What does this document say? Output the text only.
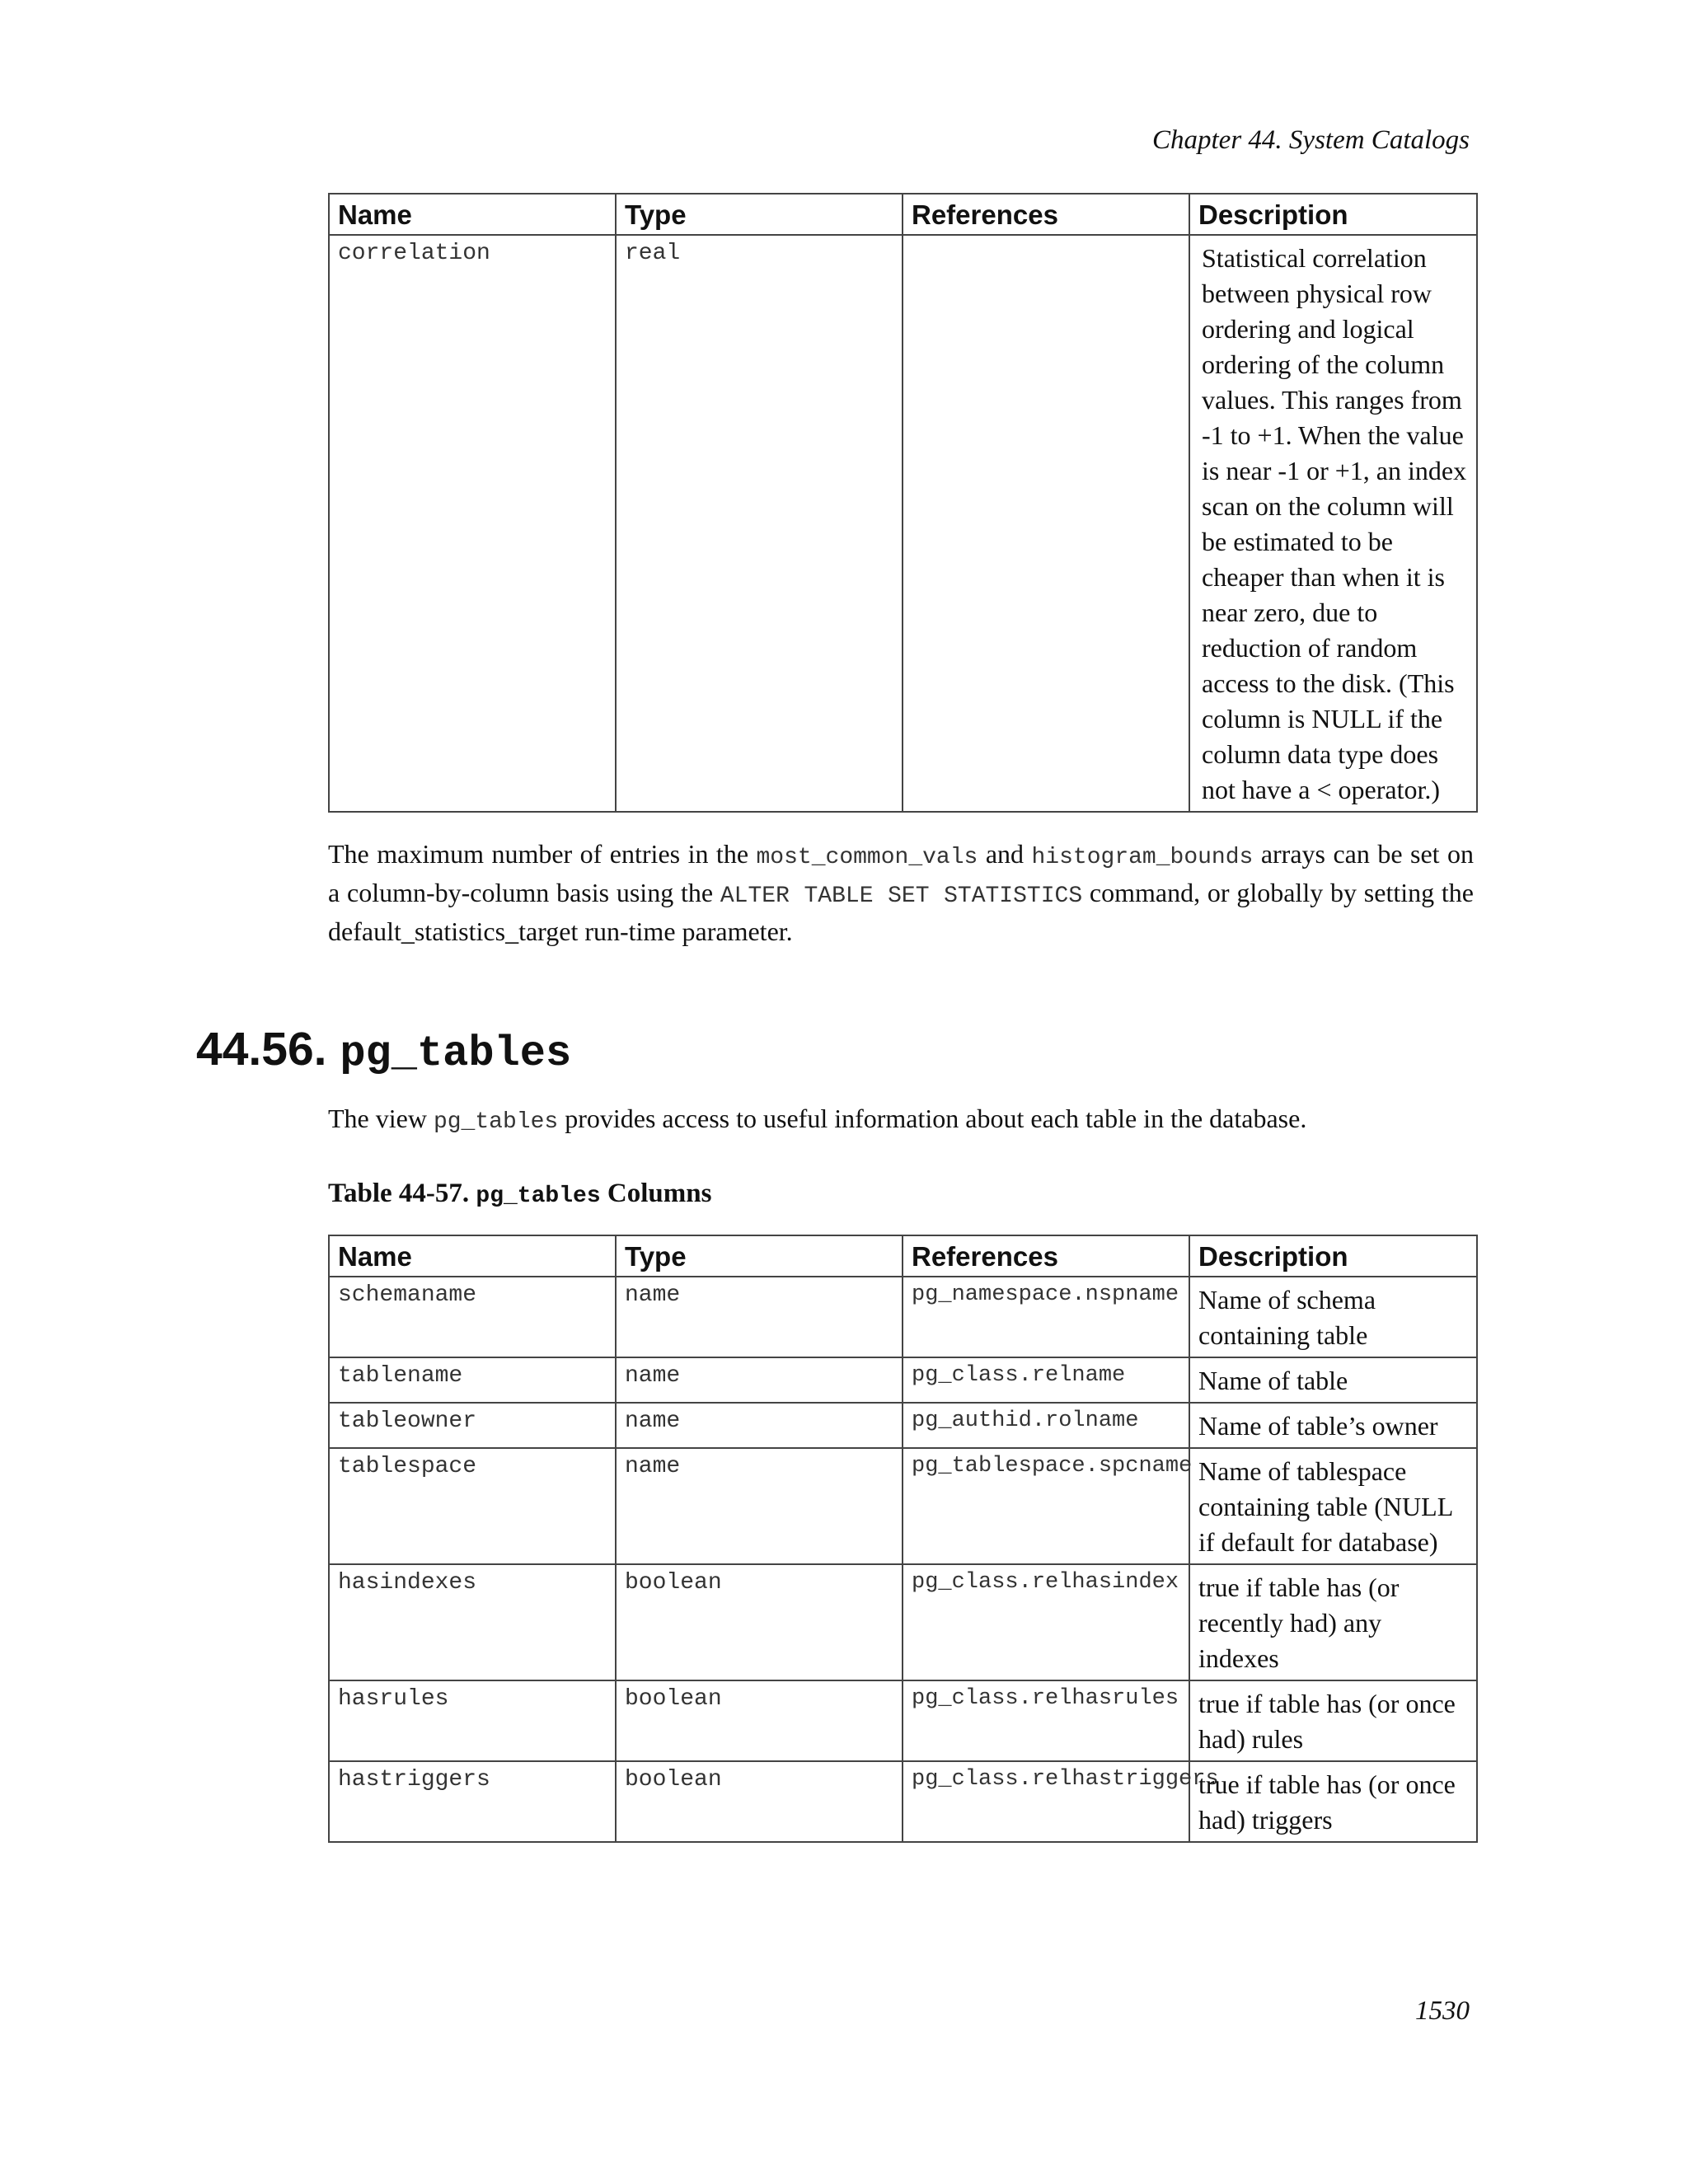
Chapter 44. System Catalogs
Name	Type	References	Description
correlation	real		Statistical correlation between physical row ordering and logical ordering of the column values. This ranges from -1 to +1. When the value is near -1 or +1, an index scan on the column will be estimated to be cheaper than when it is near zero, due to reduction of random access to the disk. (This column is NULL if the column data type does not have a < operator.)
The maximum number of entries in the most_common_vals and histogram_bounds arrays can be set on a column-by-column basis using the ALTER TABLE SET STATISTICS command, or globally by setting the default_statistics_target run-time parameter.
44.56. pg_tables
The view pg_tables provides access to useful information about each table in the database.
Table 44-57. pg_tables Columns
Name	Type	References	Description
schemaname	name	pg_namespace.nspname	Name of schema containing table
tablename	name	pg_class.relname	Name of table
tableowner	name	pg_authid.rolname	Name of table’s owner
tablespace	name	pg_tablespace.spcname	Name of tablespace containing table (NULL if default for database)
hasindexes	boolean	pg_class.relhasindex	true if table has (or recently had) any indexes
hasrules	boolean	pg_class.relhasrules	true if table has (or once had) rules
hastriggers	boolean	pg_class.relhastriggers	true if table has (or once had) triggers
1530
